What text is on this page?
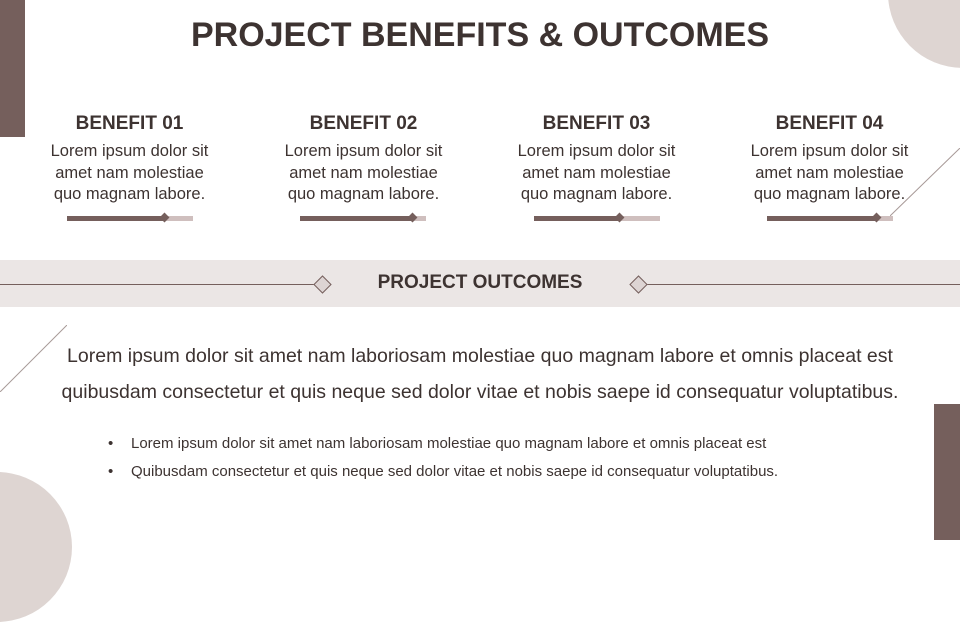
PROJECT BENEFITS & OUTCOMES
BENEFIT 01
Lorem ipsum dolor sit amet nam molestiae quo magnam labore.
BENEFIT 02
Lorem ipsum dolor sit amet nam molestiae quo magnam labore.
BENEFIT 03
Lorem ipsum dolor sit amet nam molestiae quo magnam labore.
BENEFIT 04
Lorem ipsum dolor sit amet nam molestiae quo magnam labore.
PROJECT OUTCOMES
Lorem ipsum dolor sit amet nam laboriosam molestiae quo magnam labore et omnis placeat est quibusdam consectetur et quis neque sed dolor vitae et nobis saepe id consequatur voluptatibus.
• Lorem ipsum dolor sit amet nam laboriosam molestiae quo magnam labore et omnis placeat est
• Quibusdam consectetur et quis neque sed dolor vitae et nobis saepe id consequatur voluptatibus.
